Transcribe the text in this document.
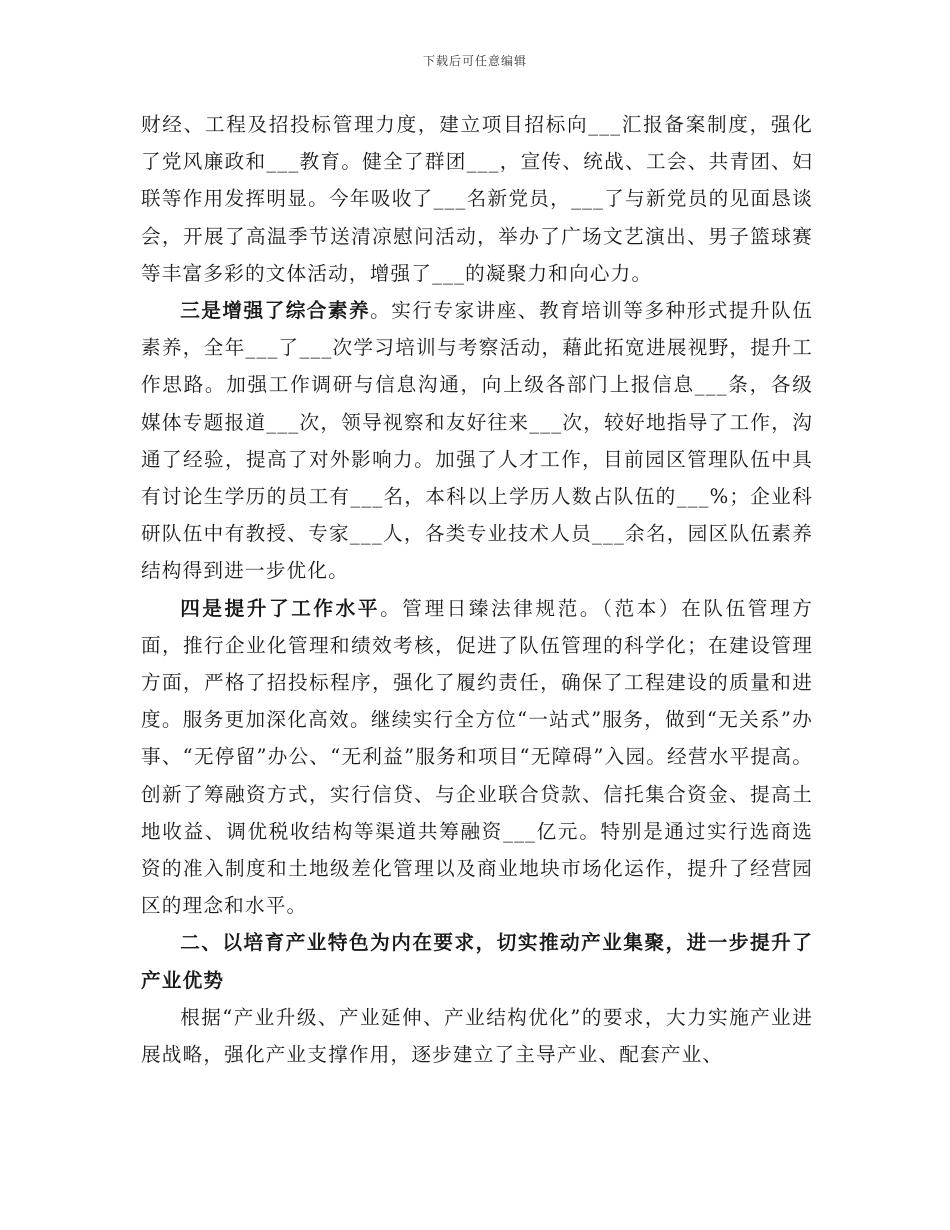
下载后可任意编辑

财经、工程及招投标管理力度，建立项目招标向___汇报备案制度，强化了党风廉政和___教育。健全了群团___，宣传、统战、工会、共青团、妇联等作用发挥明显。今年吸收了___名新党员，___了与新党员的见面恳谈会，开展了高温季节送清凉慰问活动，举办了广场文艺演出、男子篮球赛等丰富多彩的文体活动，增强了___的凝聚力和向心力。

三是增强了综合素养。实行专家讲座、教育培训等多种形式提升队伍素养，全年___了___次学习培训与考察活动，藉此拓宽进展视野，提升工作思路。加强工作调研与信息沟通，向上级各部门上报信息___条，各级媒体专题报道___次，领导视察和友好往来___次，较好地指导了工作，沟通了经验，提高了对外影响力。加强了人才工作，目前园区管理队伍中具有讨论生学历的员工有___名，本科以上学历人数占队伍的___%；企业科研队伍中有教授、专家___人，各类专业技术人员___余名，园区队伍素养结构得到进一步优化。

四是提升了工作水平。管理日臻法律规范。（范本）在队伍管理方面，推行企业化管理和绩效考核，促进了队伍管理的科学化；在建设管理方面，严格了招投标程序，强化了履约责任，确保了工程建设的质量和进度。服务更加深化高效。继续实行全方位“一站式”服务，做到“无关系”办事、“无停留”办公、“无利益”服务和项目“无障碍”入园。经营水平提高。创新了筹融资方式，实行信贷、与企业联合贷款、信托集合资金、提高土地收益、调优税收结构等渠道共筹融资___亿元。特别是通过实行选商选资的准入制度和土地级差化管理以及商业地块市场化运作，提升了经营园区的理念和水平。

二、以培育产业特色为内在要求，切实推动产业集聚，进一步提升了产业优势

根据“产业升级、产业延伸、产业结构优化”的要求，大力实施产业进展战略，强化产业支撑作用，逐步建立了主导产业、配套产业、
